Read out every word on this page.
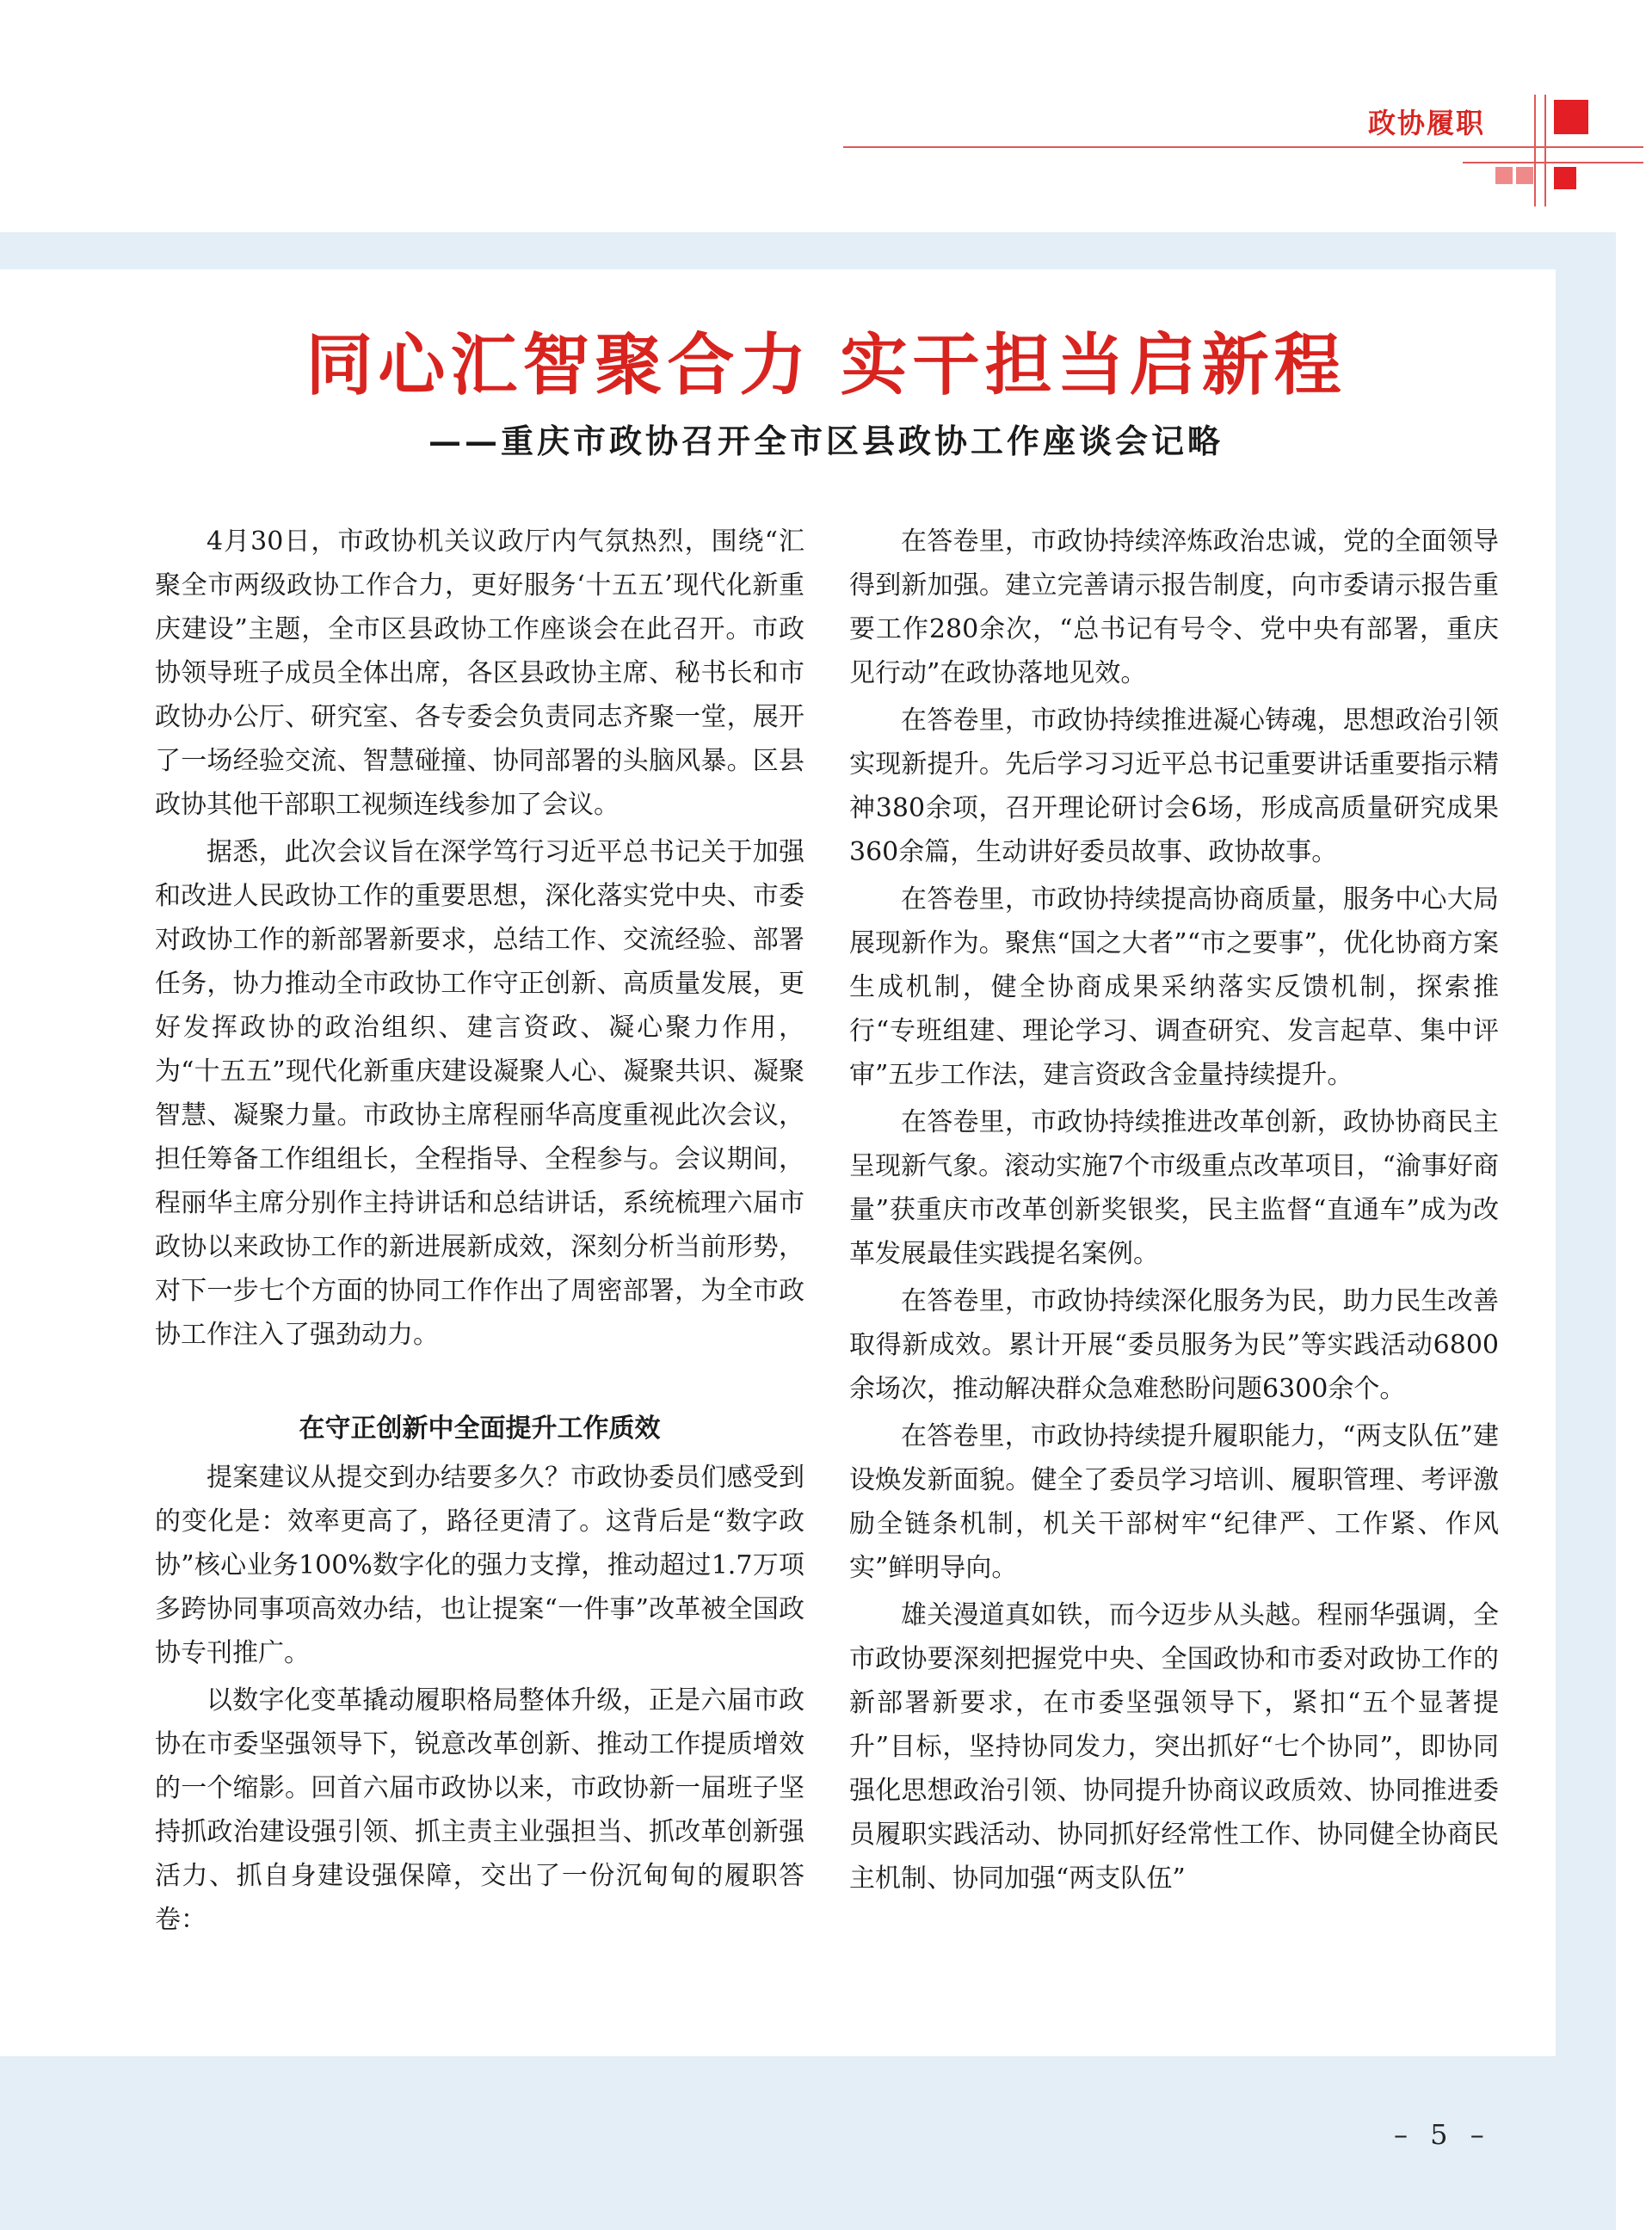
政协履职
同心汇智聚合力 实干担当启新程
——重庆市政协召开全市区县政协工作座谈会记略

4月30日，市政协机关议政厅内气氛热烈，围绕“汇聚全市两级政协工作合力，更好服务‘十五五’现代化新重庆建设”主题，全市区县政协工作座谈会在此召开。市政协领导班子成员全体出席，各区县政协主席、秘书长和市政协办公厅、研究室、各专委会负责同志齐聚一堂，展开了一场经验交流、智慧碰撞、协同部署的头脑风暴。区县政协其他干部职工视频连线参加了会议。

据悉，此次会议旨在深学笃行习近平总书记关于加强和改进人民政协工作的重要思想，深化落实党中央、市委对政协工作的新部署新要求，总结工作、交流经验、部署任务，协力推动全市政协工作守正创新、高质量发展，更好发挥政协的政治组织、建言资政、凝心聚力作用，为“十五五”现代化新重庆建设凝聚人心、凝聚共识、凝聚智慧、凝聚力量。市政协主席程丽华高度重视此次会议，担任筹备工作组组长，全程指导、全程参与。会议期间，程丽华主席分别作主持讲话和总结讲话，系统梳理六届市政协以来政协工作的新进展新成效，深刻分析当前形势，对下一步七个方面的协同工作作出了周密部署，为全市政协工作注入了强劲动力。

在守正创新中全面提升工作质效

提案建议从提交到办结要多久？市政协委员们感受到的变化是：效率更高了，路径更清了。这背后是“数字政协”核心业务100%数字化的强力支撑，推动超过1.7万项多跨协同事项高效办结，也让提案“一件事”改革被全国政协专刊推广。

以数字化变革撬动履职格局整体升级，正是六届市政协在市委坚强领导下，锐意改革创新、推动工作提质增效的一个缩影。回首六届市政协以来，市政协新一届班子坚持抓政治建设强引领、抓主责主业强担当、抓改革创新强活力、抓自身建设强保障，交出了一份沉甸甸的履职答卷：

在答卷里，市政协持续淬炼政治忠诚，党的全面领导得到新加强。建立完善请示报告制度，向市委请示报告重要工作280余次，“总书记有号令、党中央有部署，重庆见行动”在政协落地见效。

在答卷里，市政协持续推进凝心铸魂，思想政治引领实现新提升。先后学习习近平总书记重要讲话重要指示精神380余项，召开理论研讨会6场，形成高质量研究成果360余篇，生动讲好委员故事、政协故事。

在答卷里，市政协持续提高协商质量，服务中心大局展现新作为。聚焦“国之大者”“市之要事”，优化协商方案生成机制，健全协商成果采纳落实反馈机制，探索推行“专班组建、理论学习、调查研究、发言起草、集中评审”五步工作法，建言资政含金量持续提升。

在答卷里，市政协持续推进改革创新，政协协商民主呈现新气象。滚动实施7个市级重点改革项目，“渝事好商量”获重庆市改革创新奖银奖，民主监督“直通车”成为改革发展最佳实践提名案例。

在答卷里，市政协持续深化服务为民，助力民生改善取得新成效。累计开展“委员服务为民”等实践活动6800余场次，推动解决群众急难愁盼问题6300余个。

在答卷里，市政协持续提升履职能力，“两支队伍”建设焕发新面貌。健全了委员学习培训、履职管理、考评激励全链条机制，机关干部树牢“纪律严、工作紧、作风实”鲜明导向。

雄关漫道真如铁，而今迈步从头越。程丽华强调，全市政协要深刻把握党中央、全国政协和市委对政协工作的新部署新要求，在市委坚强领导下，紧扣“五个显著提升”目标，坚持协同发力，突出抓好“七个协同”，即协同强化思想政治引领、协同提升协商议政质效、协同推进委员履职实践活动、协同抓好经常性工作、协同健全协商民主机制、协同加强“两支队伍”

– 5 –
